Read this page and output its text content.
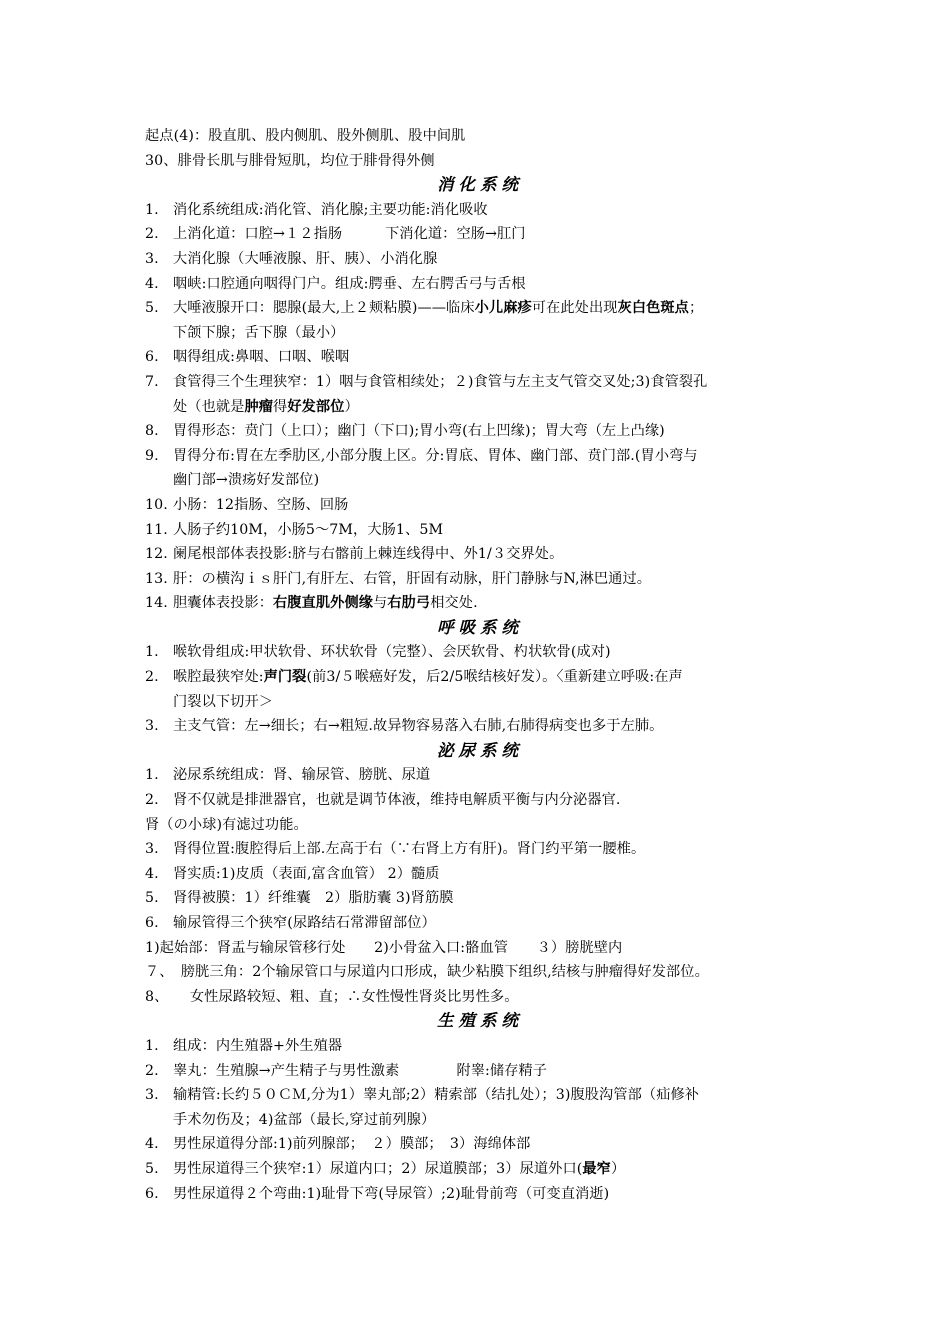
起点(4)：股直肌、股内侧肌、股外侧肌、股中间肌
30、腓骨长肌与腓骨短肌，均位于腓骨得外侧
消化系统
1.	消化系统组成:消化管、消化腺;主要功能:消化吸收
2.	上消化道：口腔→１２指肠　　　下消化道：空肠→肛门
3.	大消化腺（大唾液腺、肝、胰）、小消化腺
4.	咽峡:口腔通向咽得门户。组成:腭垂、左右腭舌弓与舌根
5.	大唾液腺开口：腮腺(最大,上２颊粘膜)——临床小儿麻疹可在此处出现灰白色斑点；
下颌下腺；舌下腺（最小）
6.	咽得组成:鼻咽、口咽、喉咽
7.	食管得三个生理狭窄：1）咽与食管相续处；２)食管与左主支气管交叉处;3)食管裂孔
处（也就是肿瘤得好发部位）
8.	胃得形态：贲门（上口）；幽门（下口);胃小弯(右上凹缘)；胃大弯（左上凸缘)
9.	胃得分布:胃在左季肋区,小部分腹上区。分:胃底、胃体、幽门部、贲门部.(胃小弯与
幽门部→溃疡好发部位)
10. 小肠：12指肠、空肠、回肠
11. 人肠子约10M，小肠5～7M，大肠1、5M
12. 阑尾根部体表投影:脐与右髂前上棘连线得中、外1/３交界处。
13. 肝：の横沟ｉｓ肝门,有肝左、右管，肝固有动脉，肝门静脉与N,淋巴通过。
14. 胆囊体表投影：右腹直肌外侧缘与右肋弓相交处.
呼吸系统
1.	喉软骨组成:甲状软骨、环状软骨（完整）、会厌软骨、杓状软骨(成对)
2.	喉腔最狭窄处:声门裂(前3/５喉癌好发，后2/5喉结核好发）。〈重新建立呼吸:在声
门裂以下切开＞
3.	主支气管：左→细长；右→粗短.故异物容易落入右肺,右肺得病变也多于左肺。
泌尿系统
1.	泌尿系统组成：肾、输尿管、膀胱、尿道
2.	肾不仅就是排泄器官，也就是调节体液，维持电解质平衡与内分泌器官.
肾（の小球)有滤过功能。
3.	肾得位置:腹腔得后上部.左高于右（∵右肾上方有肝)。肾门约平第一腰椎。
4.	肾实质:1)皮质（表面,富含血管） 2）髓质
5.	肾得被膜：1）纤维囊　2）脂肪囊 3)肾筋膜
6.	输尿管得三个狭窄(尿路结石常滞留部位）
1)起始部：肾盂与输尿管移行处　　2)小骨盆入口:骼血管　　３）膀胱壁内
７、　膀胱三角：2个输尿管口与尿道内口形成，缺少粘膜下组织,结核与肿瘤得好发部位。
8、　　女性尿路较短、粗、直；∴女性慢性肾炎比男性多。
生殖系统
1.	组成：内生殖器+外生殖器
2.	睾丸：生殖腺→产生精子与男性激素　　　　附睾:储存精子
3.	输精管:长约５０ＣＭ,分为1）睾丸部;2）精索部（结扎处）；3)腹股沟管部（疝修补
手术勿伤及；4)盆部（最长,穿过前列腺）
4.	男性尿道得分部:1)前列腺部；　２）膜部；　3）海绵体部
5.	男性尿道得三个狭窄:1）尿道内口；2）尿道膜部；3）尿道外口(最窄）
6.	男性尿道得２个弯曲:1)耻骨下弯(导尿管）;2)耻骨前弯（可变直消逝)
